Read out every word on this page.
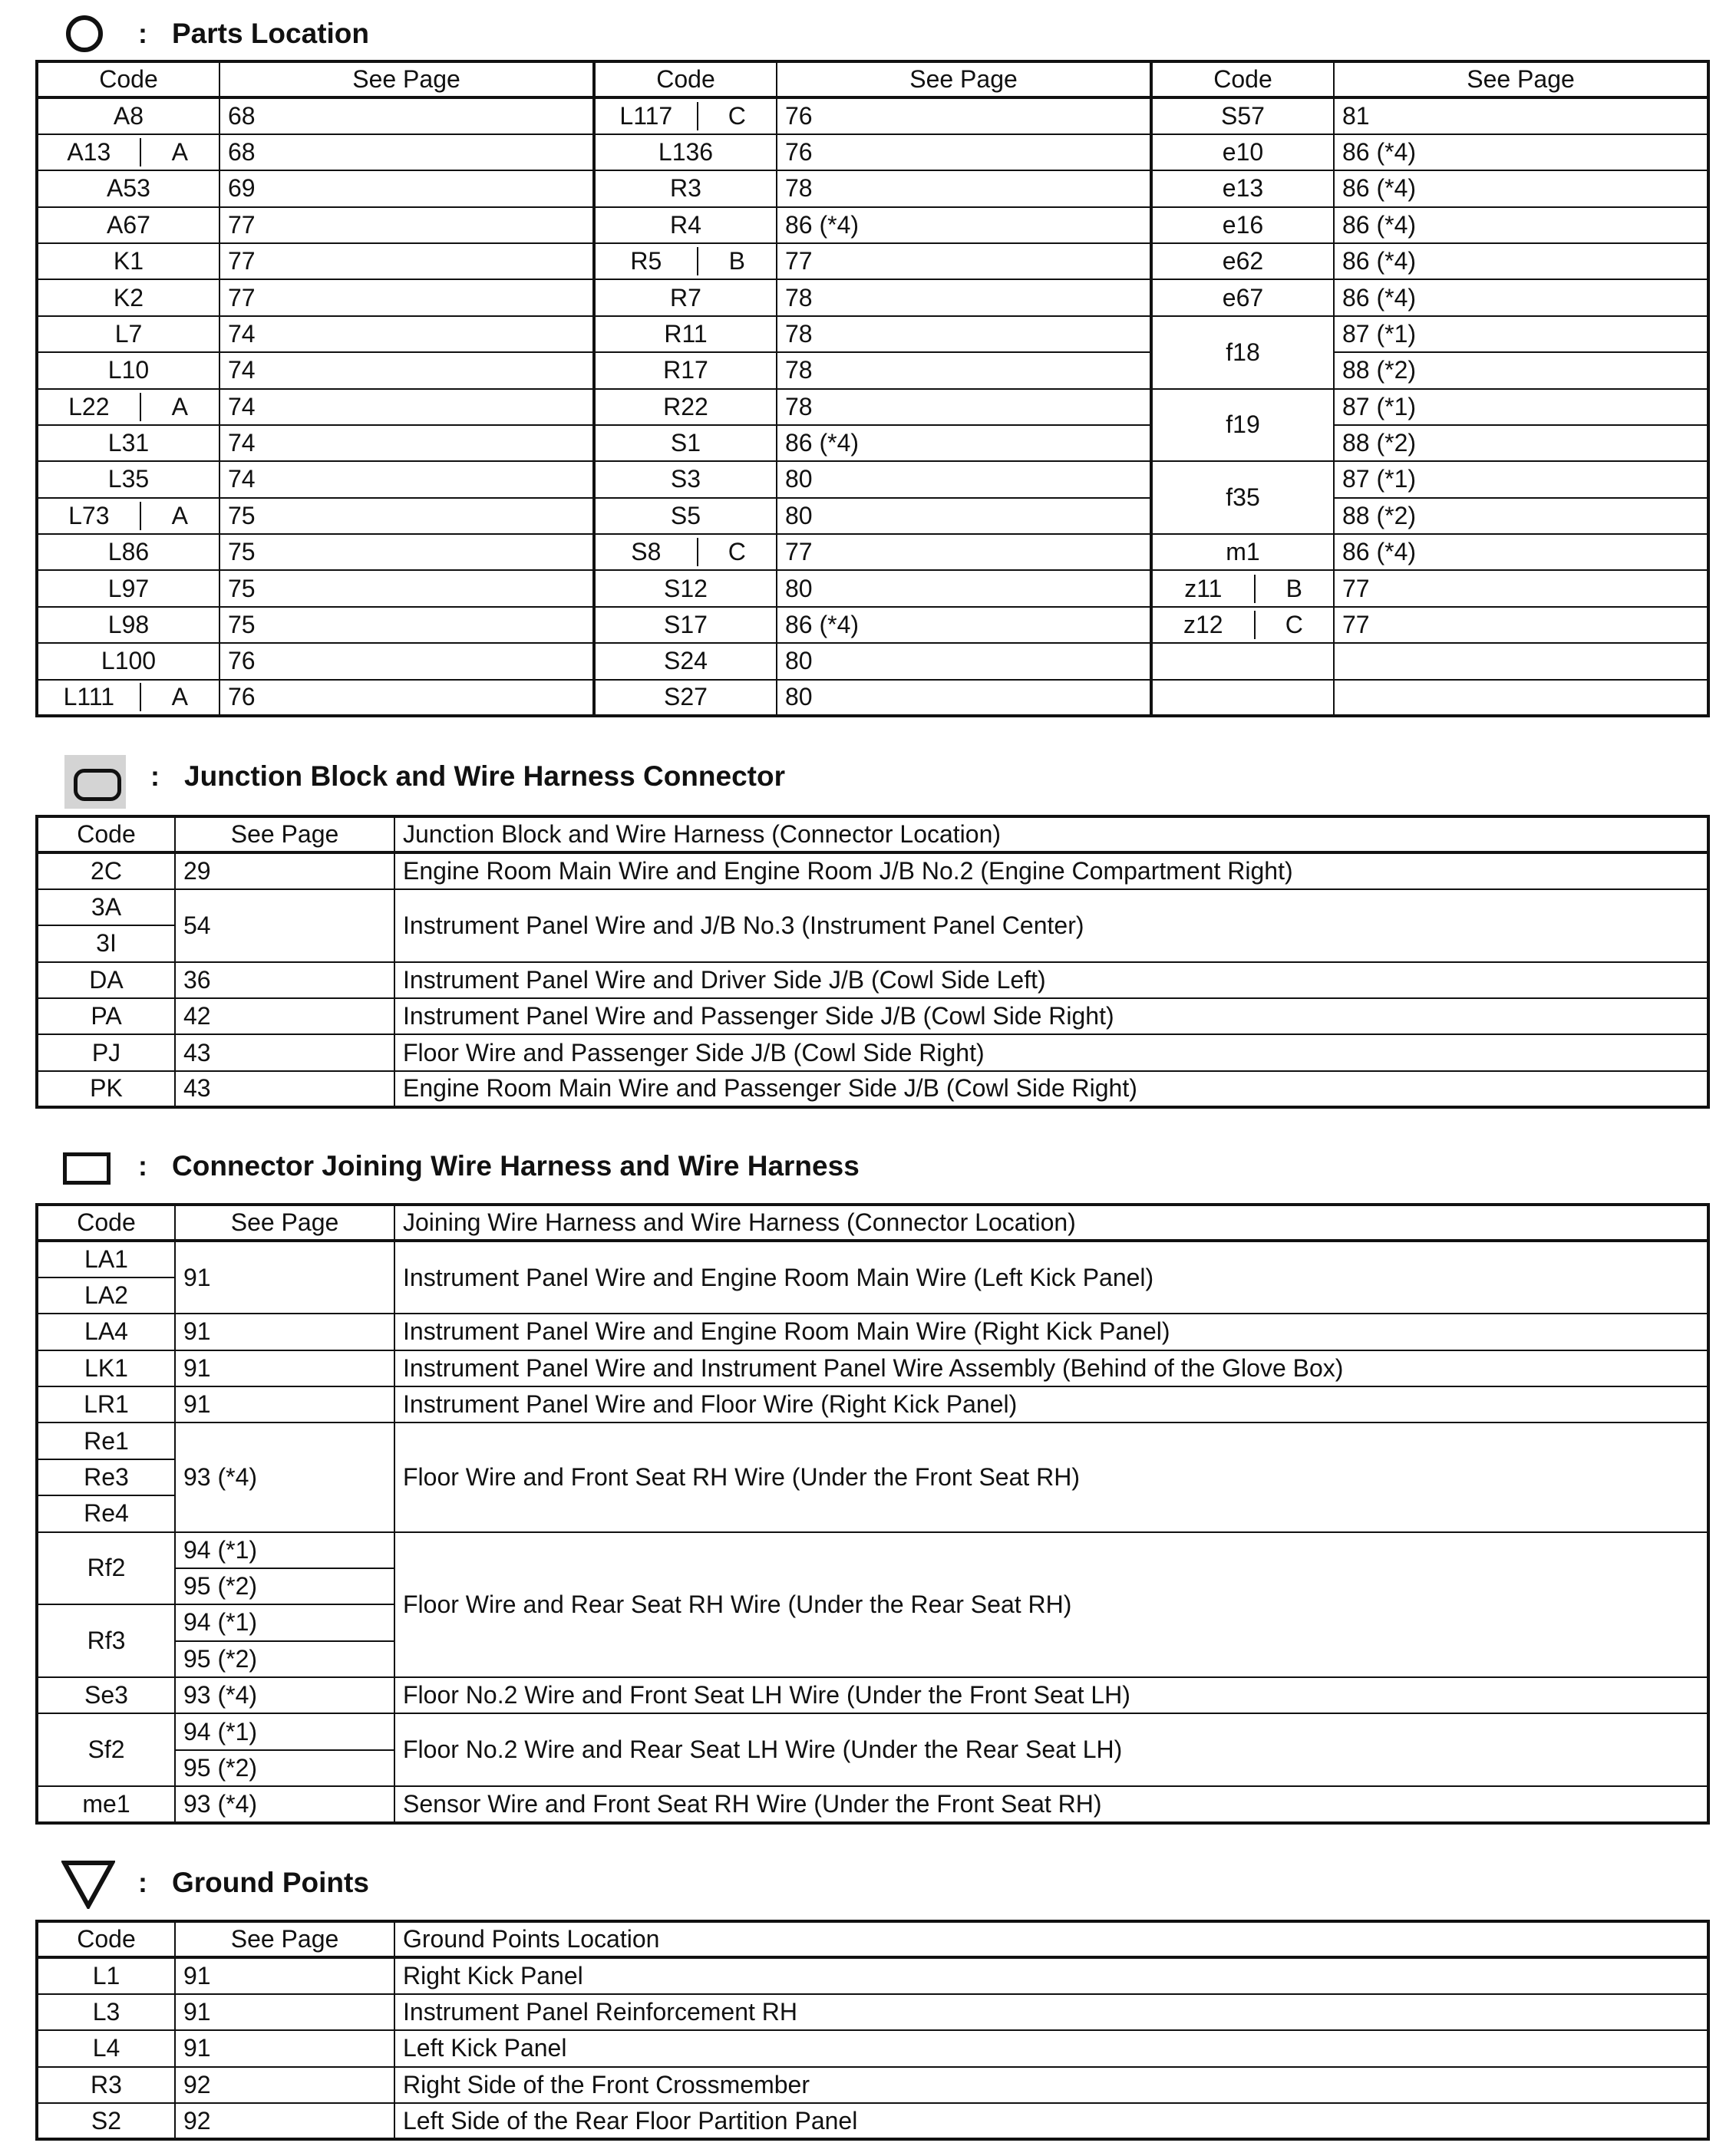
: Parts Location
Code	See Page	Code	See Page	Code	See Page
A8	68	L117 C	76	S57	81

A13 A	68	L136	76	e10	86 (*4)
A53	69	R3	78	e13	86 (*4)
A67	77	R4	86 (*4)	e16	86 (*4)
K1	77	R5 B	77	e62	86 (*4)
K2	77	R7	78	e67	86 (*4)
L7	74	R11	78	f18	87 (*1)
L10	74	R17	78		88 (*2)

L22 A	74	R22	78	f19	87 (*1)
L31	74	S1	86 (*4)		88 (*2)
L35	74	S3	80	f35	87 (*1)

L73 A	75	S5	80		88 (*2)
L86	75	S8 C	77	m1	86 (*4)
L97	75	S12	80	z11 B	77
L98	75	S17	86 (*4)	z12 C	77
L100	76	S24	80		

L111 A	76	S27	80		
: Junction Block and Wire Harness Connector
Code	See Page	Junction Block and Wire Harness (Connector Location)
2C	29	Engine Room Main Wire and Engine Room J/B No.2 (Engine Compartment Right)
3A	54	Instrument Panel Wire and J/B No.3 (Instrument Panel Center)
3I		
DA	36	Instrument Panel Wire and Driver Side J/B (Cowl Side Left)
PA	42	Instrument Panel Wire and Passenger Side J/B (Cowl Side Right)
PJ	43	Floor Wire and Passenger Side J/B (Cowl Side Right)
PK	43	Engine Room Main Wire and Passenger Side J/B (Cowl Side Right)
: Connector Joining Wire Harness and Wire Harness
Code	See Page	Joining Wire Harness and Wire Harness (Connector Location)
LA1	91	Instrument Panel Wire and Engine Room Main Wire (Left Kick Panel)
LA2		
LA4	91	Instrument Panel Wire and Engine Room Main Wire (Right Kick Panel)
LK1	91	Instrument Panel Wire and Instrument Panel Wire Assembly (Behind of the Glove Box)
LR1	91	Instrument Panel Wire and Floor Wire (Right Kick Panel)
Re1	93 (*4)	Floor Wire and Front Seat RH Wire (Under the Front Seat RH)
Re3		
Re4		
Rf2	94 (*1)	Floor Wire and Rear Seat RH Wire (Under the Rear Seat RH)
	95 (*2)	
Rf3	94 (*1)	
	95 (*2)	
Se3	93 (*4)	Floor No.2 Wire and Front Seat LH Wire (Under the Front Seat LH)
Sf2	94 (*1)	Floor No.2 Wire and Rear Seat LH Wire (Under the Rear Seat LH)
	95 (*2)	
me1	93 (*4)	Sensor Wire and Front Seat RH Wire (Under the Front Seat RH)
: Ground Points
Code	See Page	Ground Points Location
L1	91	Right Kick Panel
L3	91	Instrument Panel Reinforcement RH
L4	91	Left Kick Panel
R3	92	Right Side of the Front Crossmember
S2	92	Left Side of the Rear Floor Partition Panel
